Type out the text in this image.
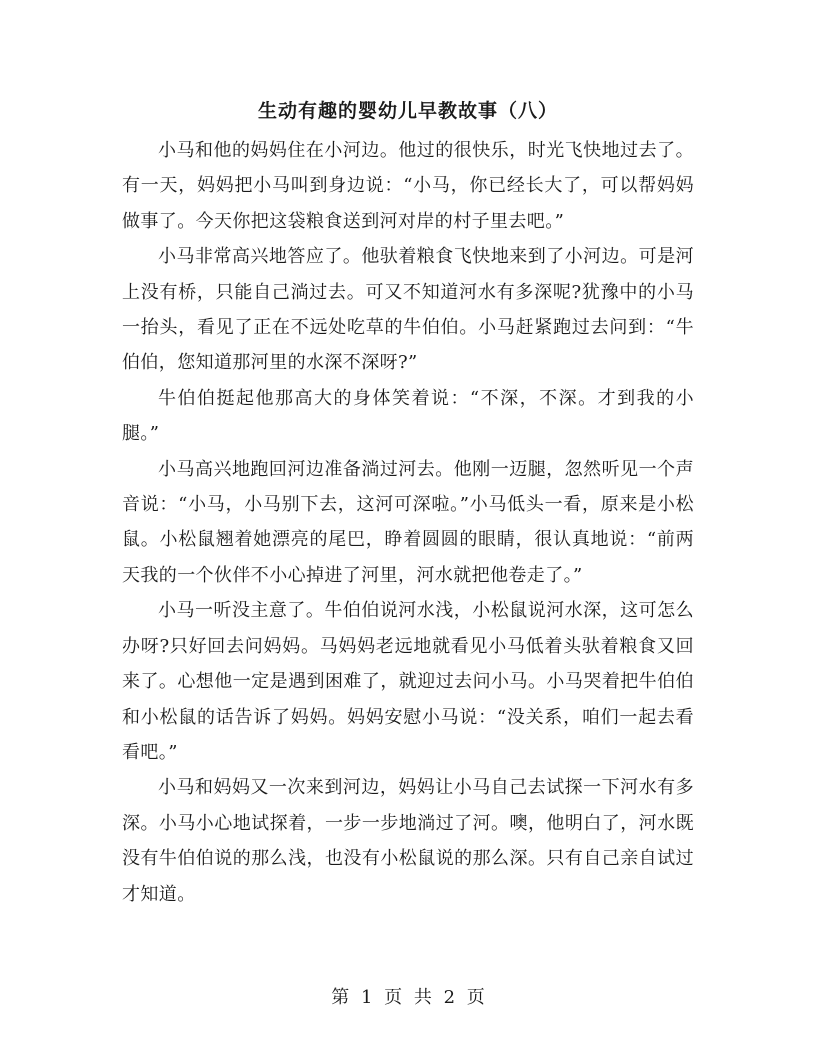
生动有趣的婴幼儿早教故事（八）

小马和他的妈妈住在小河边。他过的很快乐，时光飞快地过去了。有一天，妈妈把小马叫到身边说：“小马，你已经长大了，可以帮妈妈做事了。今天你把这袋粮食送到河对岸的村子里去吧。”

小马非常高兴地答应了。他驮着粮食飞快地来到了小河边。可是河上没有桥，只能自己淌过去。可又不知道河水有多深呢?犹豫中的小马一抬头，看见了正在不远处吃草的牛伯伯。小马赶紧跑过去问到：“牛伯伯，您知道那河里的水深不深呀?”

牛伯伯挺起他那高大的身体笑着说：“不深，不深。才到我的小腿。”

小马高兴地跑回河边准备淌过河去。他刚一迈腿，忽然听见一个声音说：“小马，小马别下去，这河可深啦。”小马低头一看，原来是小松鼠。小松鼠翘着她漂亮的尾巴，睁着圆圆的眼睛，很认真地说：“前两天我的一个伙伴不小心掉进了河里，河水就把他卷走了。”

小马一听没主意了。牛伯伯说河水浅，小松鼠说河水深，这可怎么办呀?只好回去问妈妈。马妈妈老远地就看见小马低着头驮着粮食又回来了。心想他一定是遇到困难了，就迎过去问小马。小马哭着把牛伯伯和小松鼠的话告诉了妈妈。妈妈安慰小马说：“没关系，咱们一起去看看吧。”

小马和妈妈又一次来到河边，妈妈让小马自己去试探一下河水有多深。小马小心地试探着，一步一步地淌过了河。噢，他明白了，河水既没有牛伯伯说的那么浅，也没有小松鼠说的那么深。只有自己亲自试过才知道。

第 1 页 共 2 页
